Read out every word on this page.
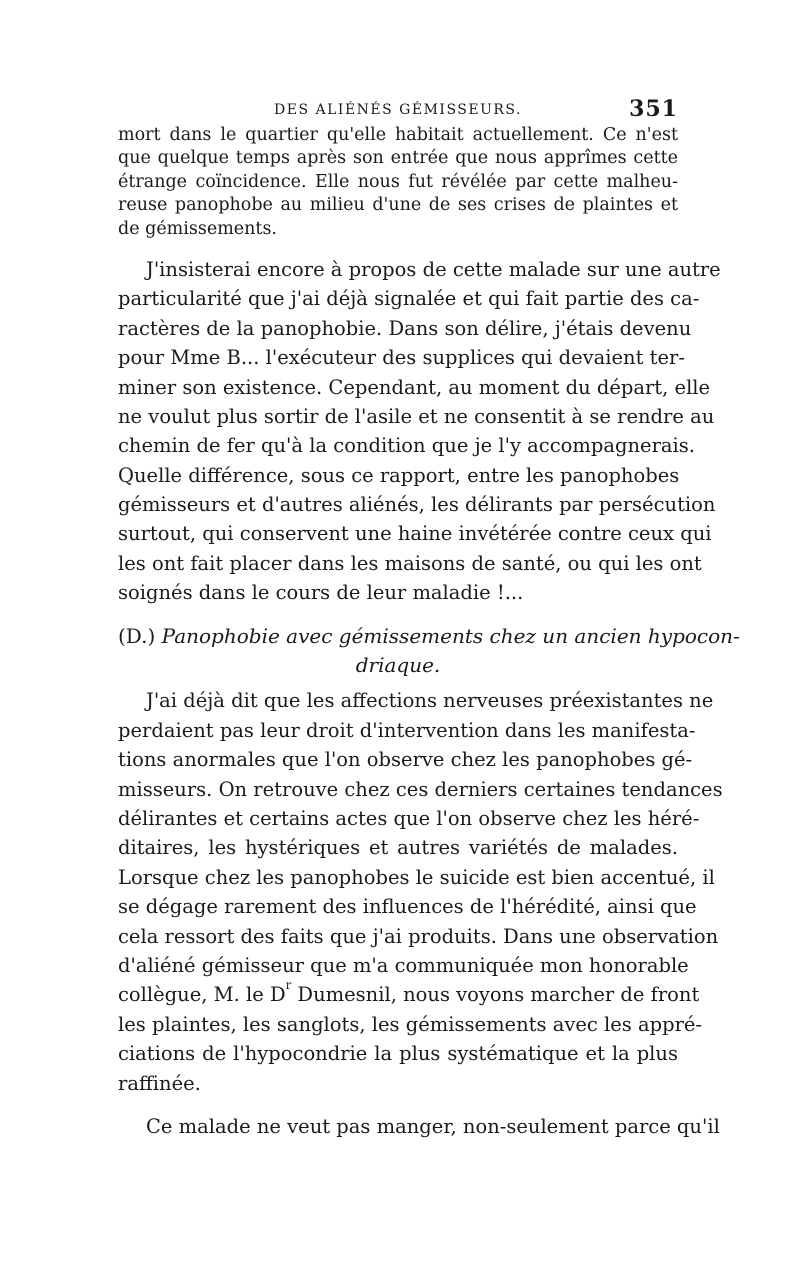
DES ALIÉNÉS GÉMISSEURS.	351

mort dans le quartier qu'elle habitait actuellement. Ce n'est
que quelque temps après son entrée que nous apprîmes cette
étrange coïncidence. Elle nous fut révélée par cette malheu-
reuse panophobe au milieu d'une de ses crises de plaintes et
de gémissements.

J'insisterai encore à propos de cette malade sur une autre
particularité que j'ai déjà signalée et qui fait partie des ca-
ractères de la panophobie. Dans son délire, j'étais devenu
pour Mme B... l'exécuteur des supplices qui devaient ter-
miner son existence. Cependant, au moment du départ, elle
ne voulut plus sortir de l'asile et ne consentit à se rendre au
chemin de fer qu'à la condition que je l'y accompagnerais.
Quelle différence, sous ce rapport, entre les panophobes
gémisseurs et d'autres aliénés, les délirants par persécution
surtout, qui conservent une haine invétérée contre ceux qui
les ont fait placer dans les maisons de santé, ou qui les ont
soignés dans le cours de leur maladie !...

(D.) Panophobie avec gémissements chez un ancien hypocon-
driaque.

J'ai déjà dit que les affections nerveuses préexistantes ne
perdaient pas leur droit d'intervention dans les manifesta-
tions anormales que l'on observe chez les panophobes gé-
misseurs. On retrouve chez ces derniers certaines tendances
délirantes et certains actes que l'on observe chez les héré-
ditaires, les hystériques et autres variétés de malades.
Lorsque chez les panophobes le suicide est bien accentué, il
se dégage rarement des influences de l'hérédité, ainsi que
cela ressort des faits que j'ai produits. Dans une observation
d'aliéné gémisseur que m'a communiquée mon honorable
collègue, M. le $D^r$ Dumesnil, nous voyons marcher de front
les plaintes, les sanglots, les gémissements avec les appré-
ciations de l'hypocondrie la plus systématique et la plus
raffinée.

Ce malade ne veut pas manger, non-seulement parce qu'il
